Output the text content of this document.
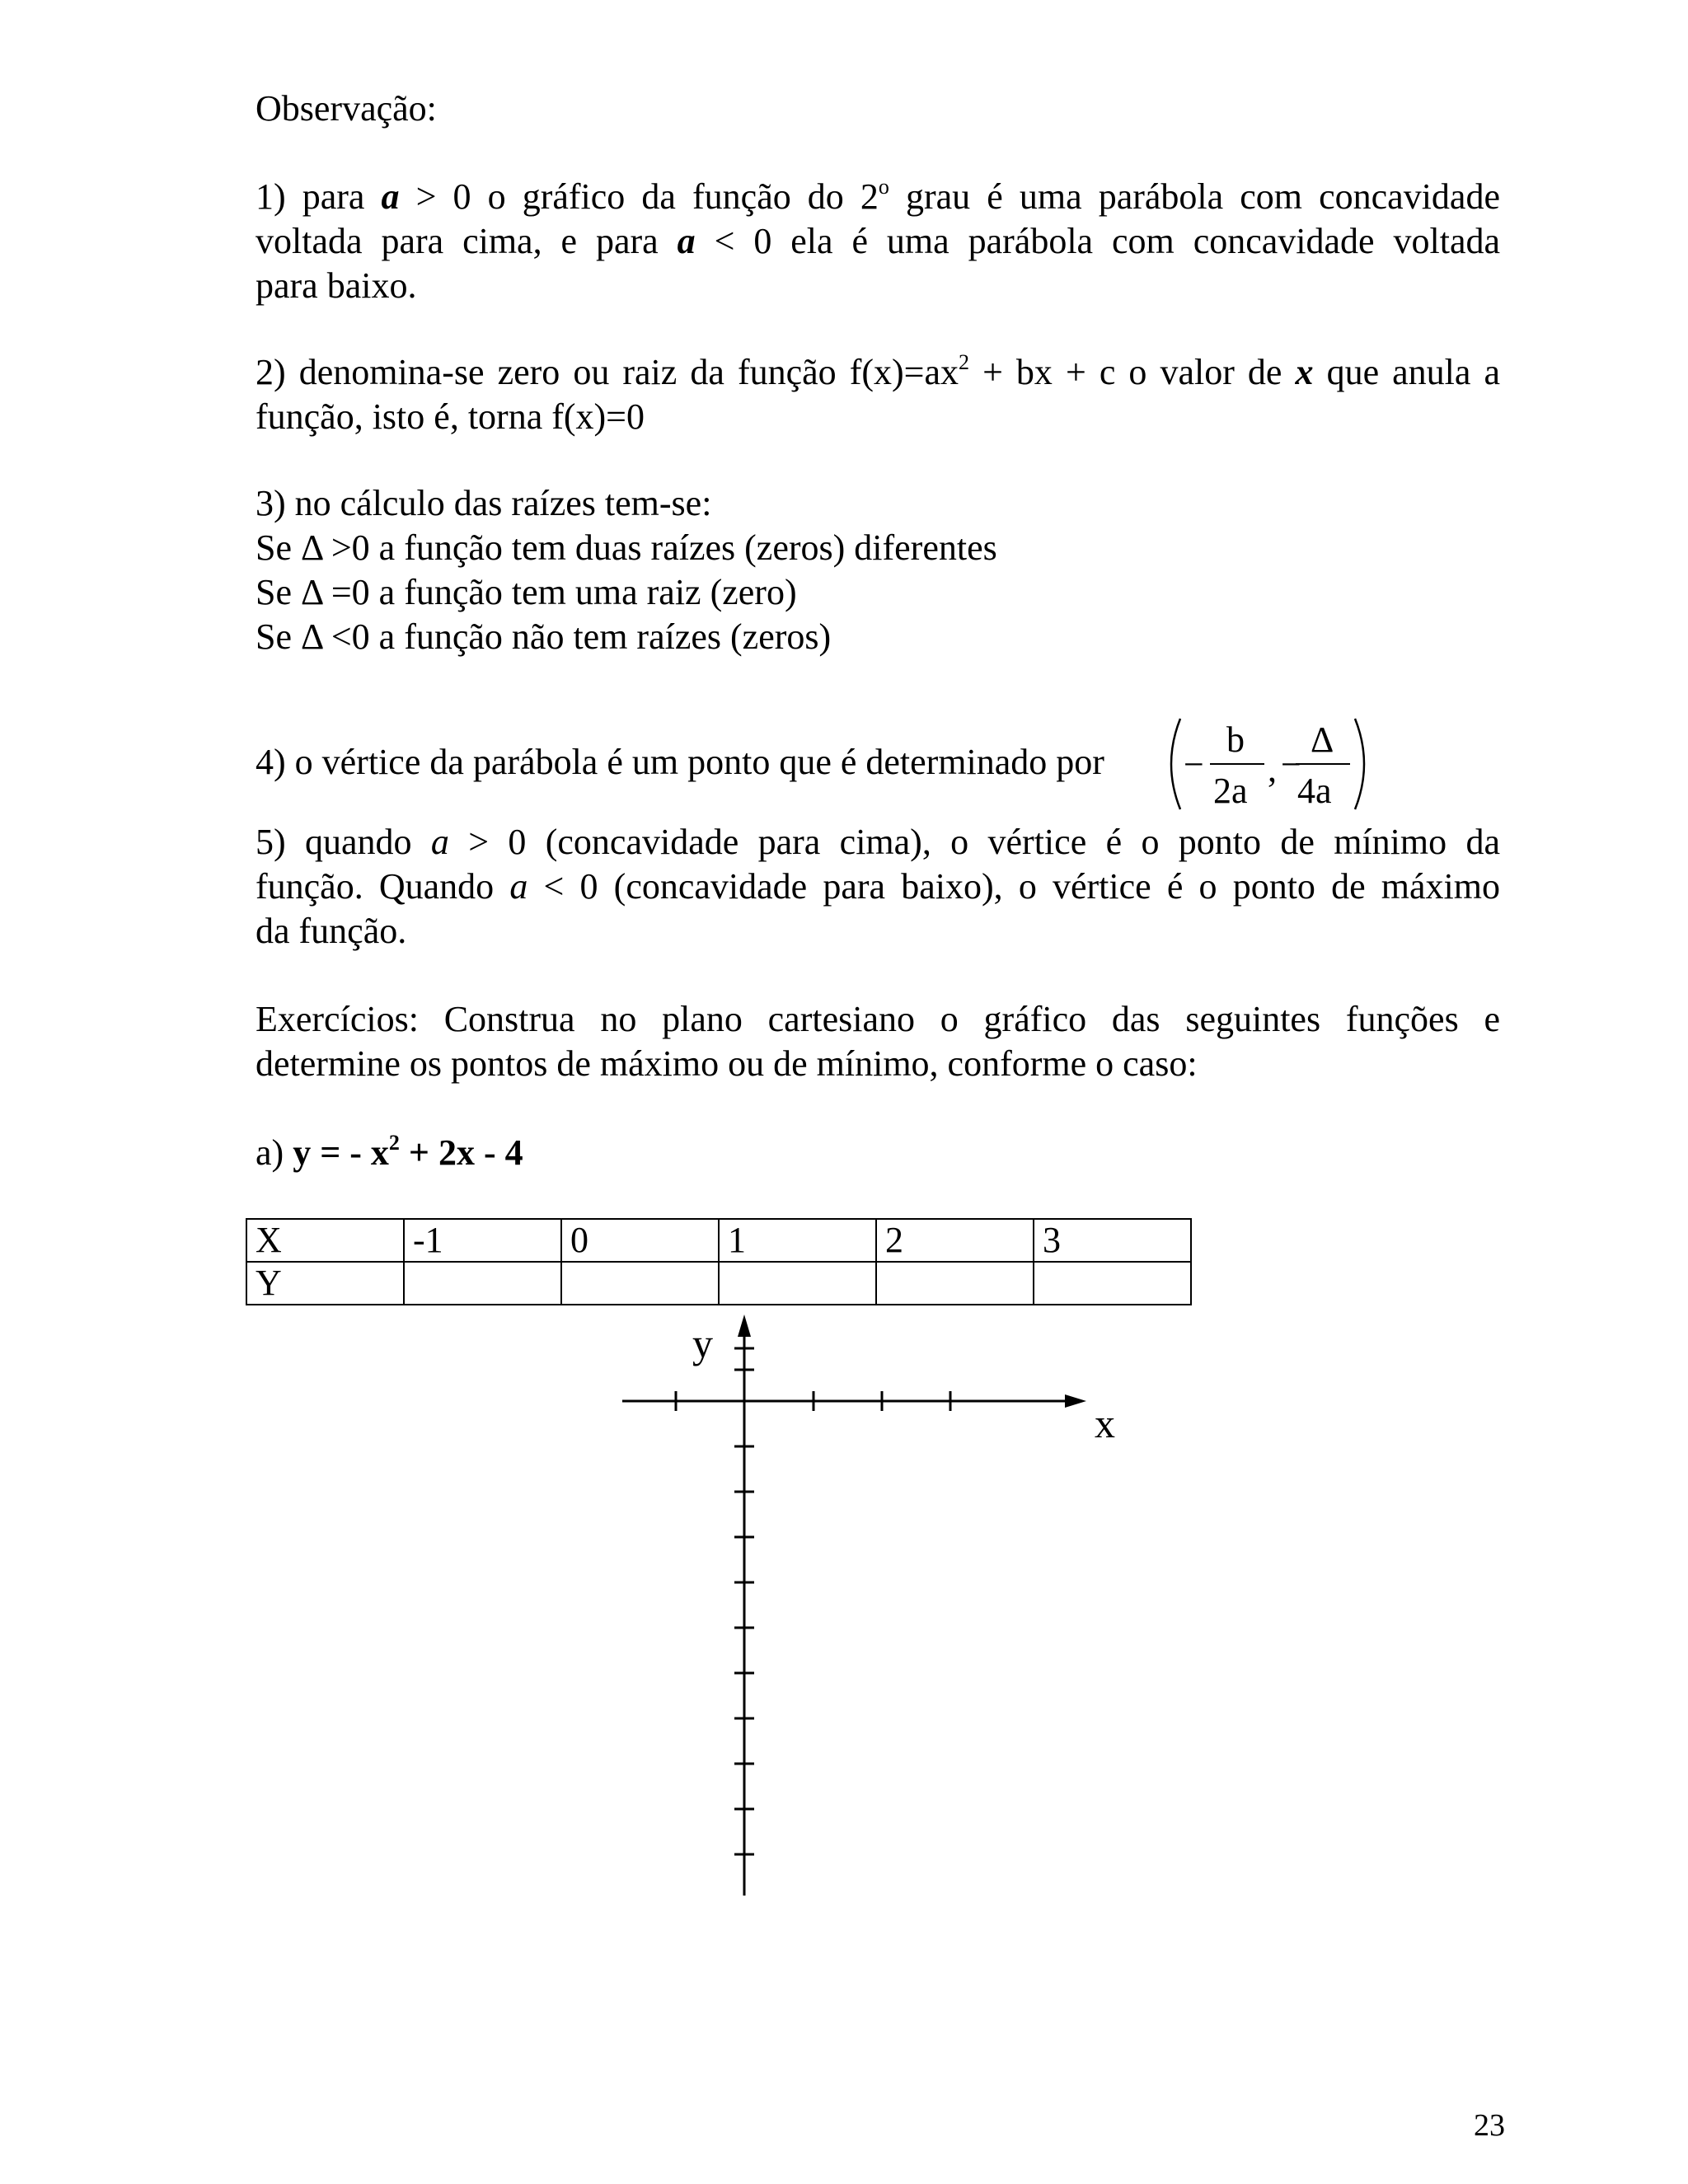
Observação:
1) para a > 0 o gráfico da função do 2$^o$ grau é uma parábola com concavidade
voltada para cima, e para a < 0 ela é uma parábola com concavidade voltada
para baixo.
2) denomina-se zero ou raiz da função $f(x)=ax^2$ + bx + c o valor de x que anula a
função, isto é, torna f(x)=0
3) no cálculo das raízes tem-se:
Se Δ >0 a função tem duas raízes (zeros) diferentes
Se Δ =0 a função tem uma raiz (zero)
Se Δ <0 a função não tem raízes (zeros)
4) o vértice da parábola é um ponto que é determinado por	−
b
2a
, −
Δ
4a
5) quando a > 0 (concavidade para cima), o vértice é o ponto de mínimo da
função. Quando a < 0 (concavidade para baixo), o vértice é o ponto de máximo
da função.
Exercícios: Construa no plano cartesiano o gráfico das seguintes funções e
determine os pontos de máximo ou de mínimo, conforme o caso:
a) y = - $x^2 + 2x - 4$
X	-1	0	1	2	3
Y					
y
x
23
